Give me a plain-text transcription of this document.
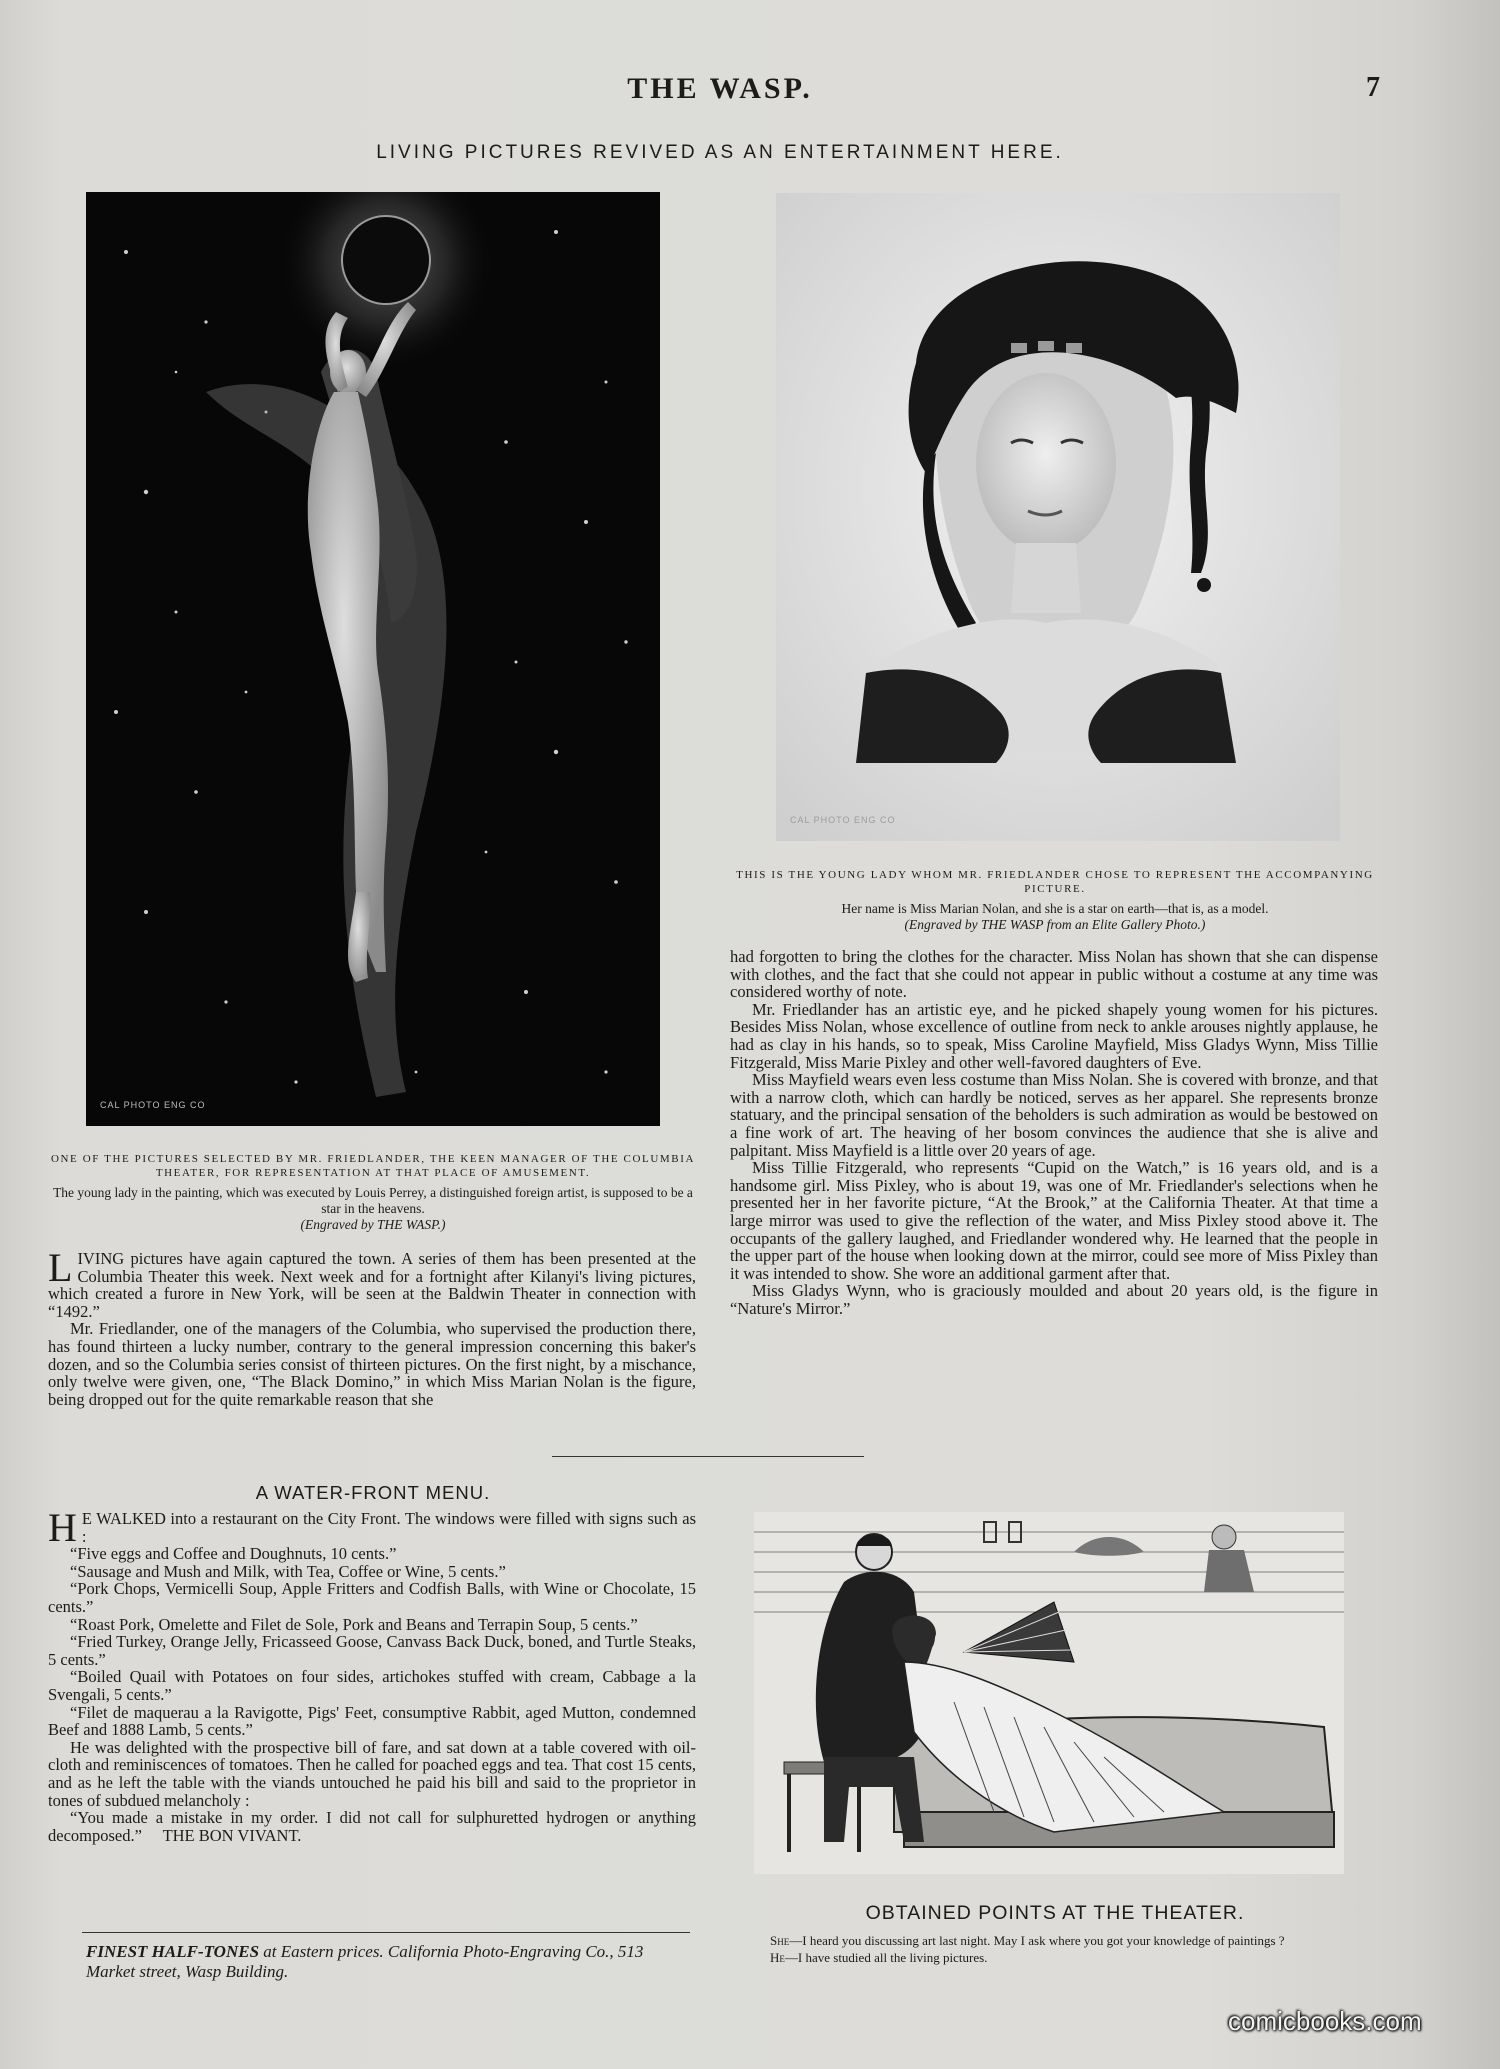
THE WASP.	7
LIVING PICTURES REVIVED AS AN ENTERTAINMENT HERE.
CAL PHOTO ENG CO
ONE OF THE PICTURES SELECTED BY MR. FRIEDLANDER, THE KEEN MANAGER OF THE COLUMBIA THEATER, FOR REPRESENTATION AT THAT PLACE OF AMUSEMENT.
The young lady in the painting, which was executed by Louis Perrey, a distinguished foreign artist, is supposed to be a star in the heavens.
(Engraved by THE WASP.)
CAL PHOTO ENG CO
THIS IS THE YOUNG LADY WHOM MR. FRIEDLANDER CHOSE TO REPRESENT THE ACCOMPANYING PICTURE.
Her name is Miss Marian Nolan, and she is a star on earth—that is, as a model.
(Engraved by THE WASP from an Elite Gallery Photo.)

LIVING pictures have again captured the town. A series of them has been presented at the Columbia Theater this week. Next week and for a fortnight after Kilanyi's living pictures, which created a furore in New York, will be seen at the Baldwin Theater in connection with “1492.”

Mr. Friedlander, one of the managers of the Columbia, who supervised the production there, has found thirteen a lucky number, contrary to the general impression concerning this baker's dozen, and so the Columbia series consist of thirteen pictures. On the first night, by a mischance, only twelve were given, one, “The Black Domino,” in which Miss Marian Nolan is the figure, being dropped out for the quite remarkable reason that she

had forgotten to bring the clothes for the character. Miss Nolan has shown that she can dispense with clothes, and the fact that she could not appear in public without a costume at any time was considered worthy of note.

Mr. Friedlander has an artistic eye, and he picked shapely young women for his pictures. Besides Miss Nolan, whose excellence of outline from neck to ankle arouses nightly applause, he had as clay in his hands, so to speak, Miss Caroline Mayfield, Miss Gladys Wynn, Miss Tillie Fitzgerald, Miss Marie Pixley and other well-favored daughters of Eve.

Miss Mayfield wears even less costume than Miss Nolan. She is covered with bronze, and that with a narrow cloth, which can hardly be noticed, serves as her apparel. She represents bronze statuary, and the principal sensation of the beholders is such admiration as would be bestowed on a fine work of art. The heaving of her bosom convinces the audience that she is alive and palpitant. Miss Mayfield is a little over 20 years of age.

Miss Tillie Fitzgerald, who represents “Cupid on the Watch,” is 16 years old, and is a handsome girl. Miss Pixley, who is about 19, was one of Mr. Friedlander's selections when he presented her in her favorite picture, “At the Brook,” at the California Theater. At that time a large mirror was used to give the reflection of the water, and Miss Pixley stood above it. The occupants of the gallery laughed, and Friedlander wondered why. He learned that the people in the upper part of the house when looking down at the mirror, could see more of Miss Pixley than it was intended to show. She wore an additional garment after that.

Miss Gladys Wynn, who is graciously moulded and about 20 years old, is the figure in “Nature's Mirror.”

A WATER-FRONT MENU.

H E WALKED into a restaurant on the City Front. The windows were filled with signs such as :

“Five eggs and Coffee and Doughnuts, 10 cents.”

“Sausage and Mush and Milk, with Tea, Coffee or Wine, 5 cents.”

“Pork Chops, Vermicelli Soup, Apple Fritters and Codfish Balls, with Wine or Chocolate, 15 cents.”

“Roast Pork, Omelette and Filet de Sole, Pork and Beans and Terrapin Soup, 5 cents.”

“Fried Turkey, Orange Jelly, Fricasseed Goose, Canvass Back Duck, boned, and Turtle Steaks, 5 cents.”

“Boiled Quail with Potatoes on four sides, artichokes stuffed with cream, Cabbage a la Svengali, 5 cents.”

“Filet de maquerau a la Ravigotte, Pigs' Feet, consumptive Rabbit, aged Mutton, condemned Beef and 1888 Lamb, 5 cents.”

He was delighted with the prospective bill of fare, and sat down at a table covered with oil-cloth and reminiscences of tomatoes. Then he called for poached eggs and tea. That cost 15 cents, and as he left the table with the viands untouched he paid his bill and said to the proprietor in tones of subdued melancholy :

“You made a mistake in my order. I did not call for sulphuretted hydrogen or anything decomposed.” THE BON VIVANT.

FINEST HALF-TONES at Eastern prices. California Photo-Engraving Co., 513 Market street, Wasp Building.
OBTAINED POINTS AT THE THEATER.
She—I heard you discussing art last night. May I ask where you got your knowledge of paintings ?
He—I have studied all the living pictures.
comicbooks.com
